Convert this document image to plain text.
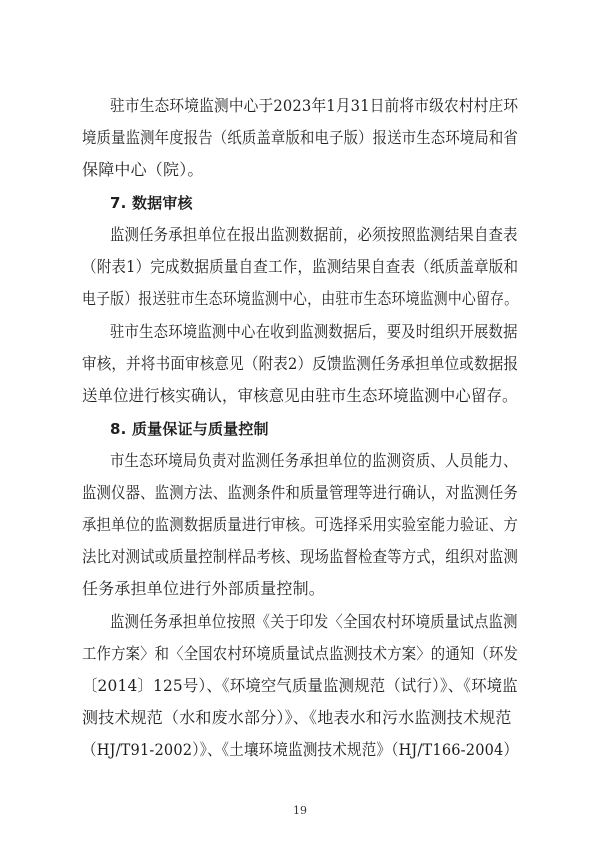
驻市生态环境监测中心于2023年1月31日前将市级农村村庄环
境质量监测年度报告（纸质盖章版和电子版）报送市生态环境局和省
保障中心（院）。
7. 数据审核
监测任务承担单位在报出监测数据前，必须按照监测结果自查表
（附表1）完成数据质量自查工作，监测结果自查表（纸质盖章版和
电子版）报送驻市生态环境监测中心，由驻市生态环境监测中心留存。
驻市生态环境监测中心在收到监测数据后，要及时组织开展数据
审核，并将书面审核意见（附表2）反馈监测任务承担单位或数据报
送单位进行核实确认，审核意见由驻市生态环境监测中心留存。
8. 质量保证与质量控制
市生态环境局负责对监测任务承担单位的监测资质、人员能力、
监测仪器、监测方法、监测条件和质量管理等进行确认，对监测任务
承担单位的监测数据质量进行审核。可选择采用实验室能力验证、方
法比对测试或质量控制样品考核、现场监督检查等方式，组织对监测
任务承担单位进行外部质量控制。
监测任务承担单位按照《关于印发〈全国农村环境质量试点监测
工作方案〉和〈全国农村环境质量试点监测技术方案〉的通知（环发
〔2014〕125号）、《环境空气质量监测规范（试行）》、《环境监
测技术规范（水和废水部分）》、《地表水和污水监测技术规范
（HJ/T91-2002）》、《土壤环境监测技术规范》（HJ/T166-2004）
19
